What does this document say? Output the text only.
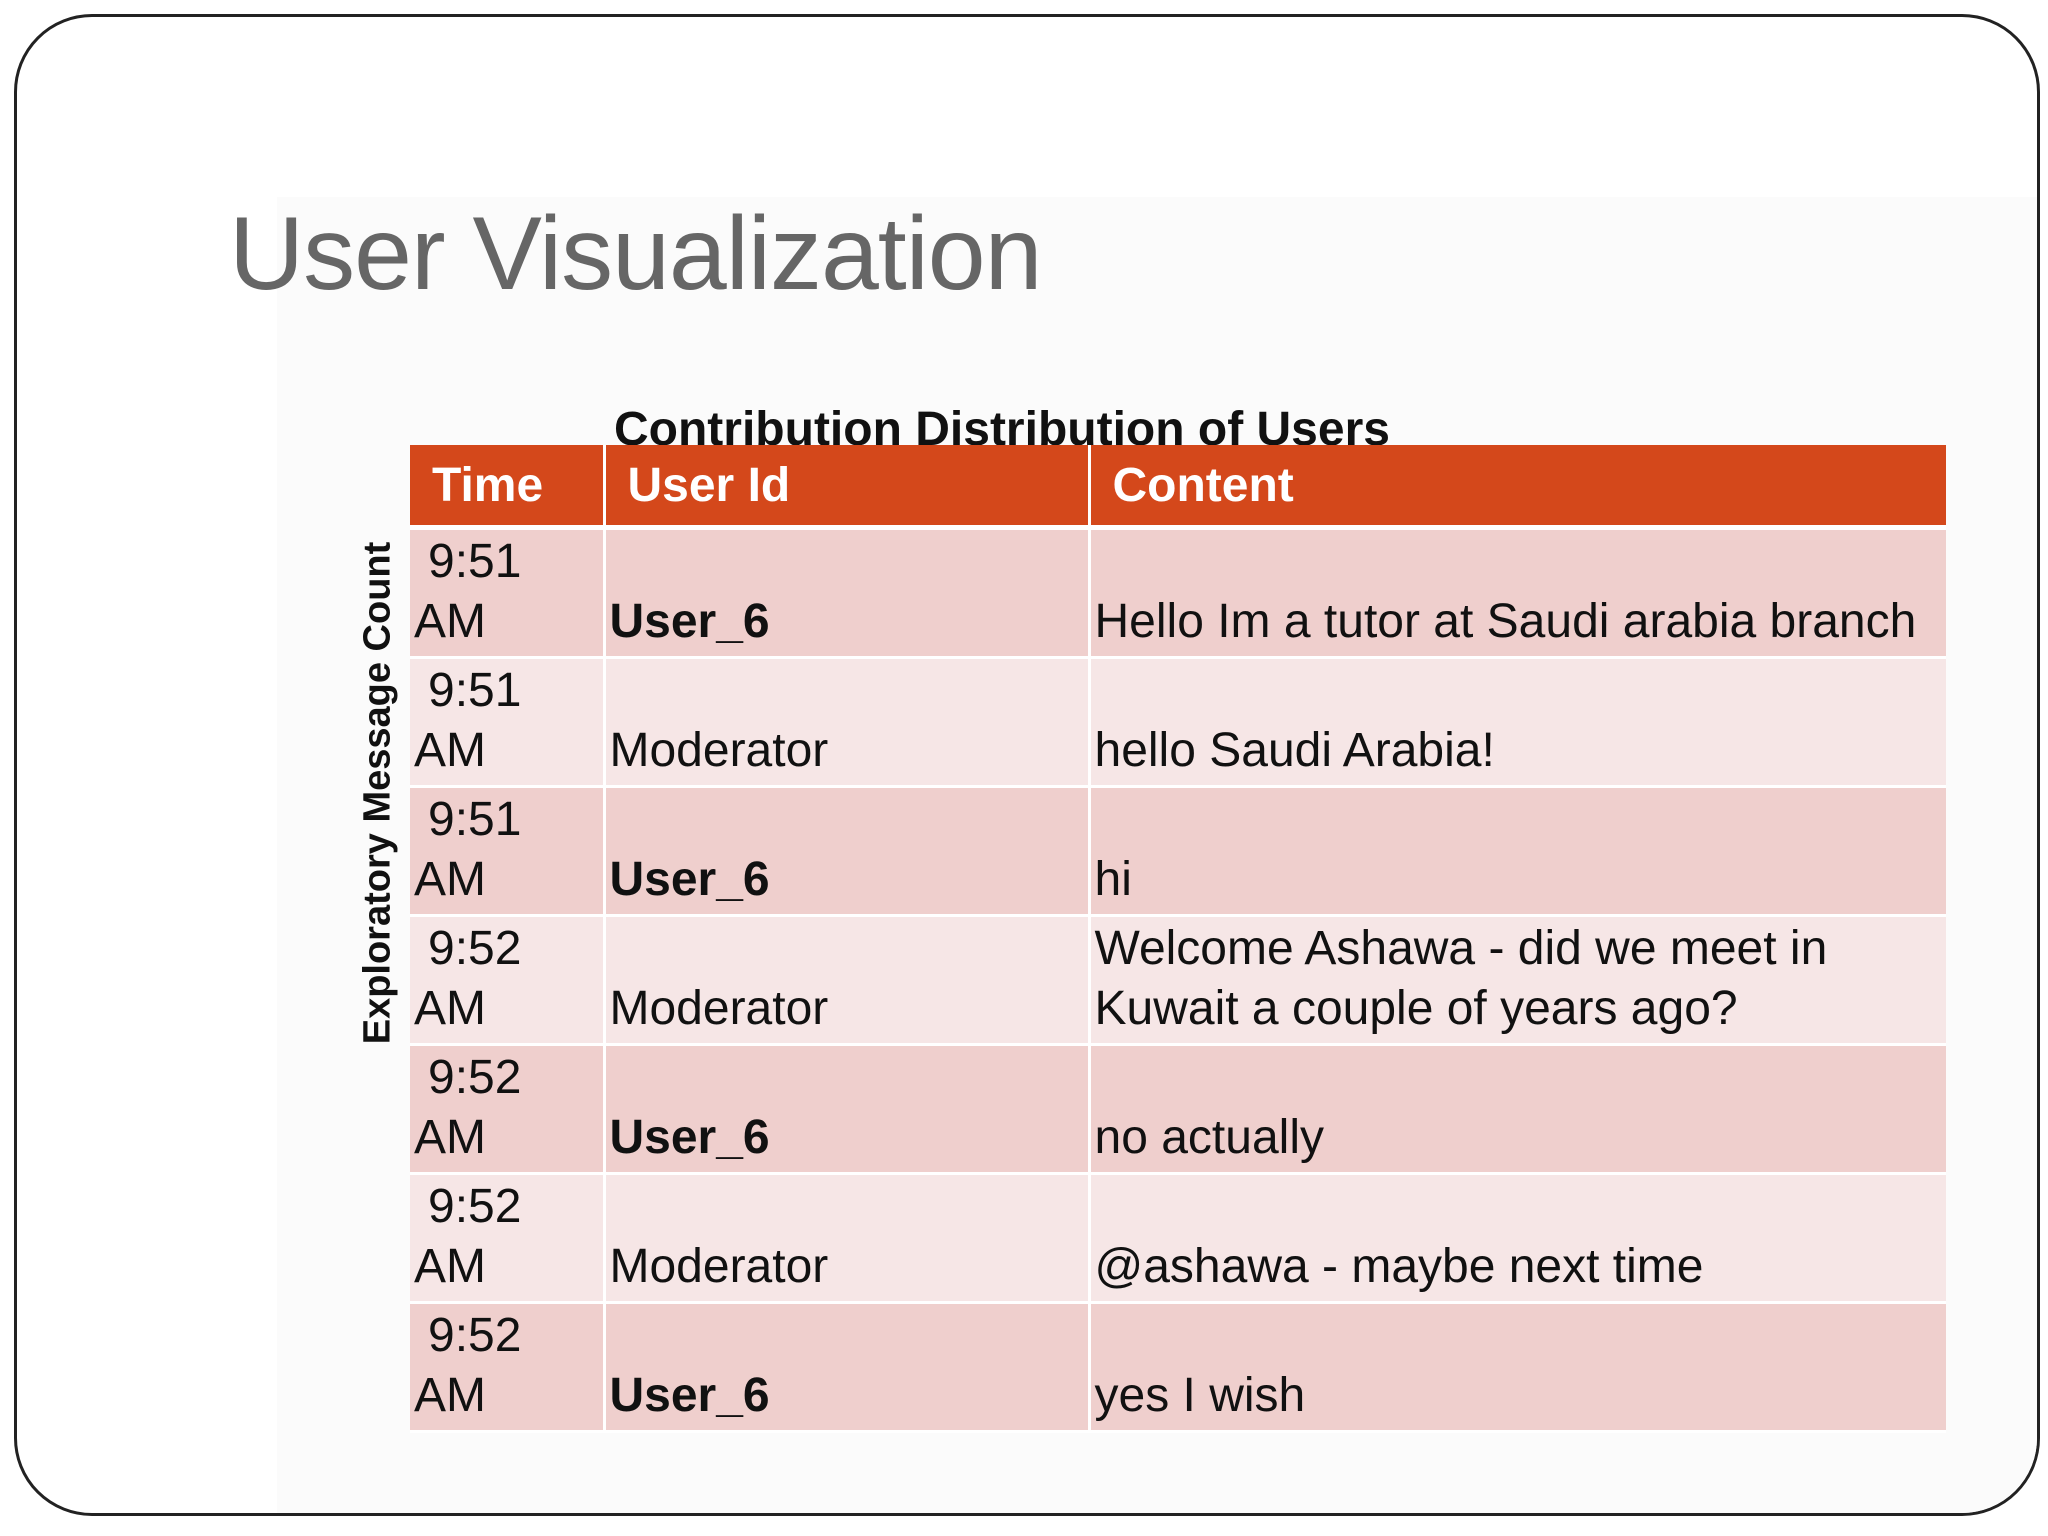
User Visualization
Contribution Distribution of Users
Exploratory Message Count
Time	User Id	Content

9:51
AM	User_6	Hello Im a tutor at Saudi arabia branch

9:51
AM	Moderator	hello Saudi Arabia!

9:51
AM	User_6	hi

9:52
AM	Moderator	Welcome Ashawa - did we meet in Kuwait a couple of years ago?

9:52
AM	User_6	no actually

9:52
AM	Moderator	@ashawa - maybe next time

9:52
AM	User_6	yes I wish
